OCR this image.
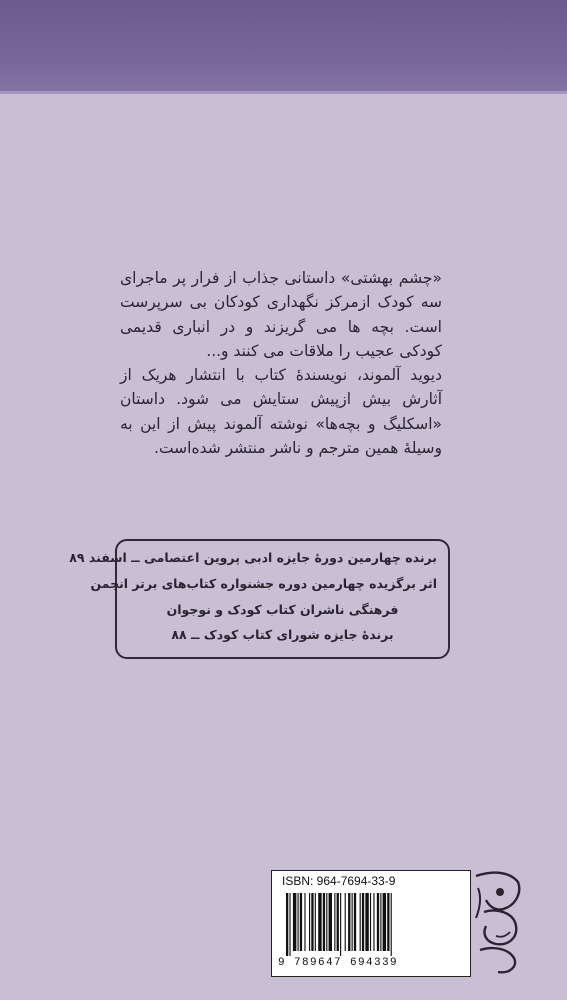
«چشم بهشتی» داستانی جذاب از فرار پر ماجرای سه کودک ازمرکز نگهداری کودکان بی سرپرست است. بچه ها می گریزند و در انباری قدیمی کودکی عجیب را ملاقات می کنند و...

دیوید آلموند، نویسندهٔ کتاب با انتشار هریک از آثارش بیش ازپیش ستایش می شود. داستان «اسکلیگ و بچه‌ها» نوشته آلموند پیش از این به وسیلهٔ همین مترجم و ناشر منتشر شده‌است.

برنده چهارمین دورهٔ جایزه ادبی پروین اعتصامی ــ اسفند ۸۹
اثر برگزیده چهارمین دوره جشنواره کتاب‌های برتر انجمن
فرهنگی ناشران کتاب کودک و نوجوان
برندهٔ جایزه شورای کتاب کودک ــ ۸۸
ISBN: 964-7694-33-9
9 789647 694339
